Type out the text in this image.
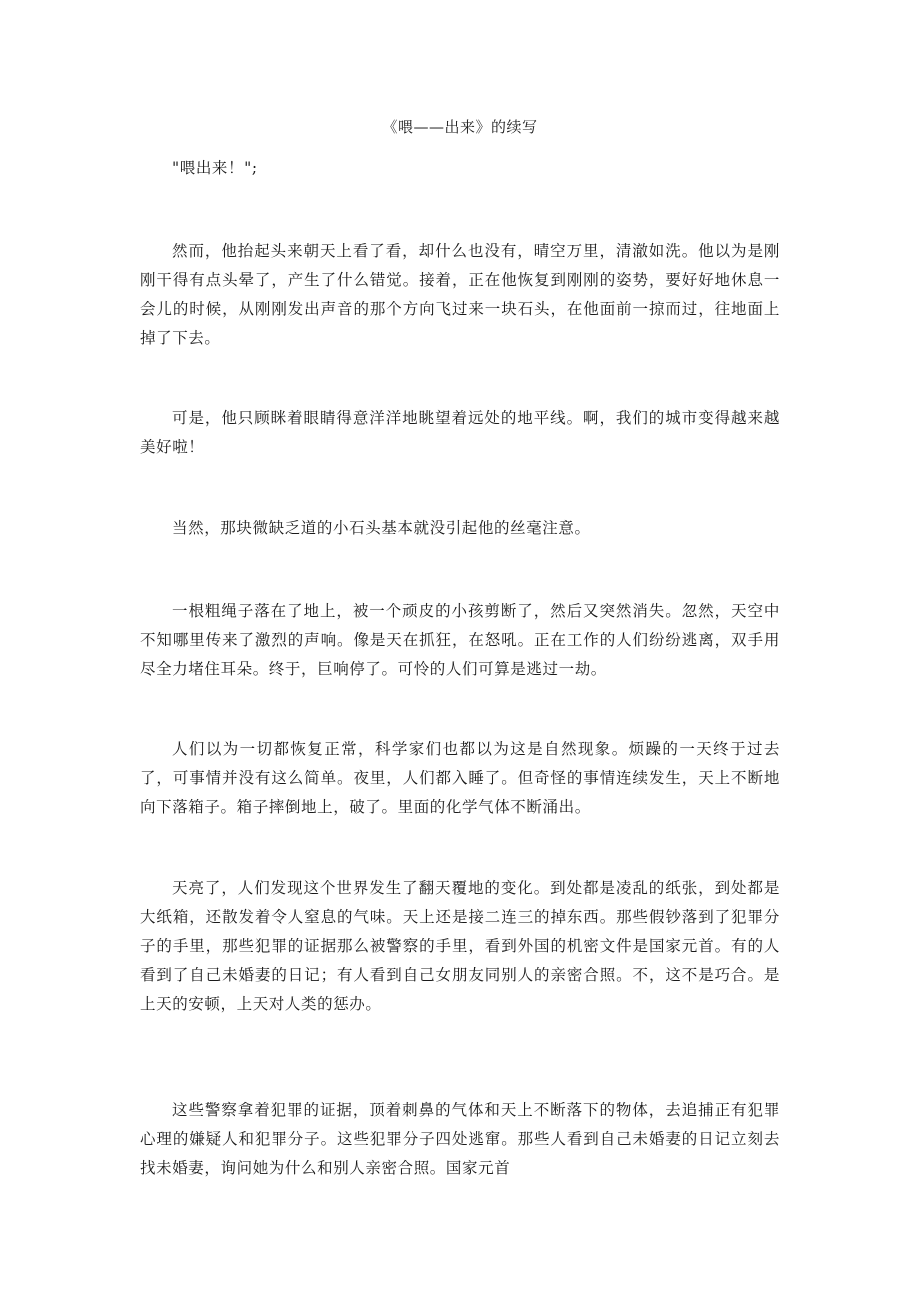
《喂——出来》的续写

"喂出来！";

然而，他抬起头来朝天上看了看，却什么也没有，晴空万里，清澈如洗。他以为是刚刚干得有点头晕了，产生了什么错觉。接着，正在他恢复到刚刚的姿势，要好好地休息一会儿的时候，从刚刚发出声音的那个方向飞过来一块石头，在他面前一掠而过，往地面上掉了下去。

可是，他只顾眯着眼睛得意洋洋地眺望着远处的地平线。啊，我们的城市变得越来越美好啦！

当然，那块微缺乏道的小石头基本就没引起他的丝毫注意。

一根粗绳子落在了地上，被一个顽皮的小孩剪断了，然后又突然消失。忽然，天空中不知哪里传来了激烈的声响。像是天在抓狂，在怒吼。正在工作的人们纷纷逃离，双手用尽全力堵住耳朵。终于，巨响停了。可怜的人们可算是逃过一劫。

人们以为一切都恢复正常，科学家们也都以为这是自然现象。烦躁的一天终于过去了，可事情并没有这么简单。夜里，人们都入睡了。但奇怪的事情连续发生，天上不断地向下落箱子。箱子摔倒地上，破了。里面的化学气体不断涌出。

天亮了，人们发现这个世界发生了翻天覆地的变化。到处都是凌乱的纸张，到处都是大纸箱，还散发着令人窒息的气味。天上还是接二连三的掉东西。那些假钞落到了犯罪分子的手里，那些犯罪的证据那么被警察的手里，看到外国的机密文件是国家元首。有的人看到了自己未婚妻的日记；有人看到自己女朋友同别人的亲密合照。不，这不是巧合。是上天的安顿，上天对人类的惩办。

这些警察拿着犯罪的证据，顶着刺鼻的气体和天上不断落下的物体，去追捕正有犯罪心理的嫌疑人和犯罪分子。这些犯罪分子四处逃窜。那些人看到自己未婚妻的日记立刻去找未婚妻，询问她为什么和别人亲密合照。国家元首
